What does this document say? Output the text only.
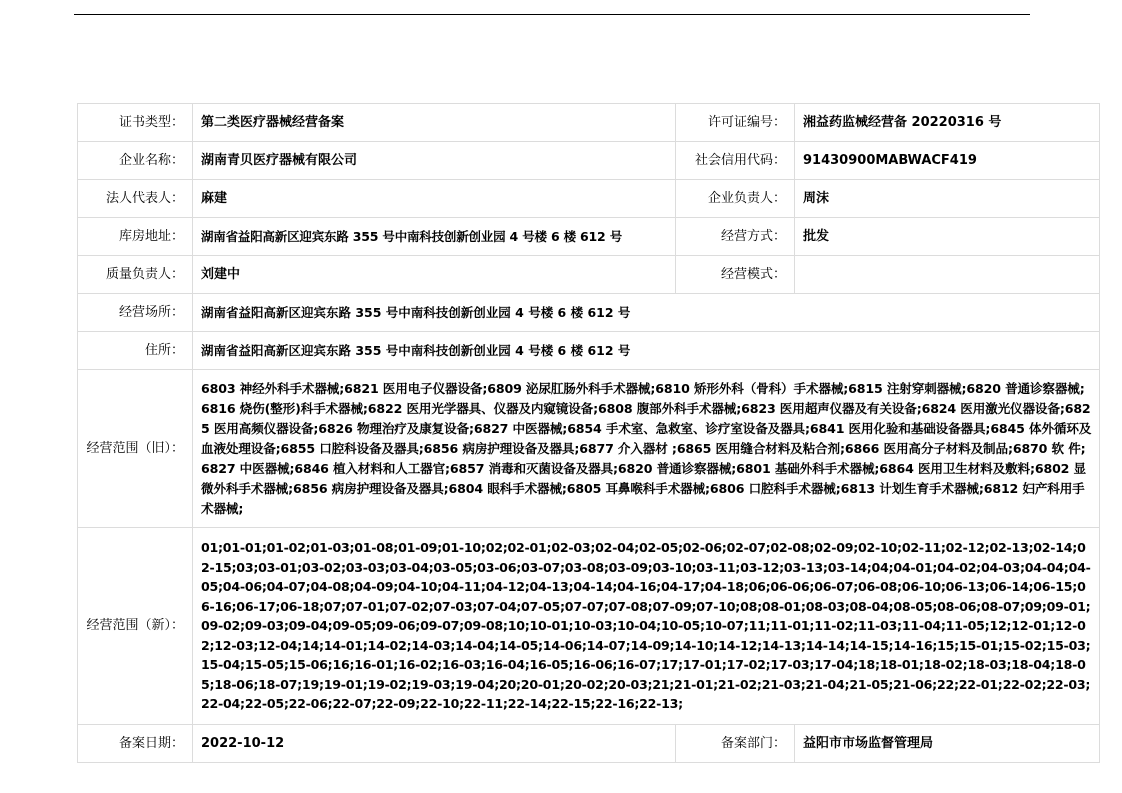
证书类型：	第二类医疗器械经营备案	许可证编号：	湘益药监械经营备 20220316 号
企业名称：	湖南青贝医疗器械有限公司	社会信用代码：	91430900MABWACF419
法人代表人：	麻建	企业负责人：	周沫
库房地址：	湖南省益阳高新区迎宾东路 355 号中南科技创新创业园 4 号楼 6 楼 612 号	经营方式：	批发
质量负责人：	刘建中	经营模式：	
经营场所：	湖南省益阳高新区迎宾东路 355 号中南科技创新创业园 4 号楼 6 楼 612 号		
住所：	湖南省益阳高新区迎宾东路 355 号中南科技创新创业园 4 号楼 6 楼 612 号		
经营范围（旧）：	6803 神经外科手术器械;6821 医用电子仪器设备;6809 泌尿肛肠外科手术器械;6810 矫形外科（骨科）手术器械;6815 注射穿刺器械;6820 普通诊察器械;6816 烧伤(整形)科手术器械;6822 医用光学器具、仪器及内窥镜设备;6808 腹部外科手术器械;6823 医用超声仪器及有关设备;6824 医用激光仪器设备;6825 医用高频仪器设备;6826 物理治疗及康复设备;6827 中医器械;6854 手术室、急救室、诊疗室设备及器具;6841 医用化验和基础设备器具;6845 体外循环及血液处理设备;6855 口腔科设备及器具;6856 病房护理设备及器具;6877 介入器材 ;6865 医用缝合材料及粘合剂;6866 医用高分子材料及制品;6870 软 件;6827 中医器械;6846 植入材料和人工器官;6857 消毒和灭菌设备及器具;6820 普通诊察器械;6801 基础外科手术器械;6864 医用卫生材料及敷料;6802 显微外科手术器械;6856 病房护理设备及器具;6804 眼科手术器械;6805 耳鼻喉科手术器械;6806 口腔科手术器械;6813 计划生育手术器械;6812 妇产科用手术器械;		
经营范围（新）：	01;01-01;01-02;01-03;01-08;01-09;01-10;02;02-01;02-03;02-04;02-05;02-06;02-07;02-08;02-09;02-10;02-11;02-12;02-13;02-14;02-15;03;03-01;03-02;03-03;03-04;03-05;03-06;03-07;03-08;03-09;03-10;03-11;03-12;03-13;03-14;04;04-01;04-02;04-03;04-04;04-05;04-06;04-07;04-08;04-09;04-10;04-11;04-12;04-13;04-14;04-16;04-17;04-18;06;06-06;06-07;06-08;06-10;06-13;06-14;06-15;06-16;06-17;06-18;07;07-01;07-02;07-03;07-04;07-05;07-07;07-08;07-09;07-10;08;08-01;08-03;08-04;08-05;08-06;08-07;09;09-01;09-02;09-03;09-04;09-05;09-06;09-07;09-08;10;10-01;10-03;10-04;10-05;10-07;11;11-01;11-02;11-03;11-04;11-05;12;12-01;12-02;12-03;12-04;14;14-01;14-02;14-03;14-04;14-05;14-06;14-07;14-09;14-10;14-12;14-13;14-14;14-15;14-16;15;15-01;15-02;15-03;15-04;15-05;15-06;16;16-01;16-02;16-03;16-04;16-05;16-06;16-07;17;17-01;17-02;17-03;17-04;18;18-01;18-02;18-03;18-04;18-05;18-06;18-07;19;19-01;19-02;19-03;19-04;20;20-01;20-02;20-03;21;21-01;21-02;21-03;21-04;21-05;21-06;22;22-01;22-02;22-03;22-04;22-05;22-06;22-07;22-09;22-10;22-11;22-14;22-15;22-16;22-13;		
备案日期：	2022-10-12	备案部门：	益阳市市场监督管理局
